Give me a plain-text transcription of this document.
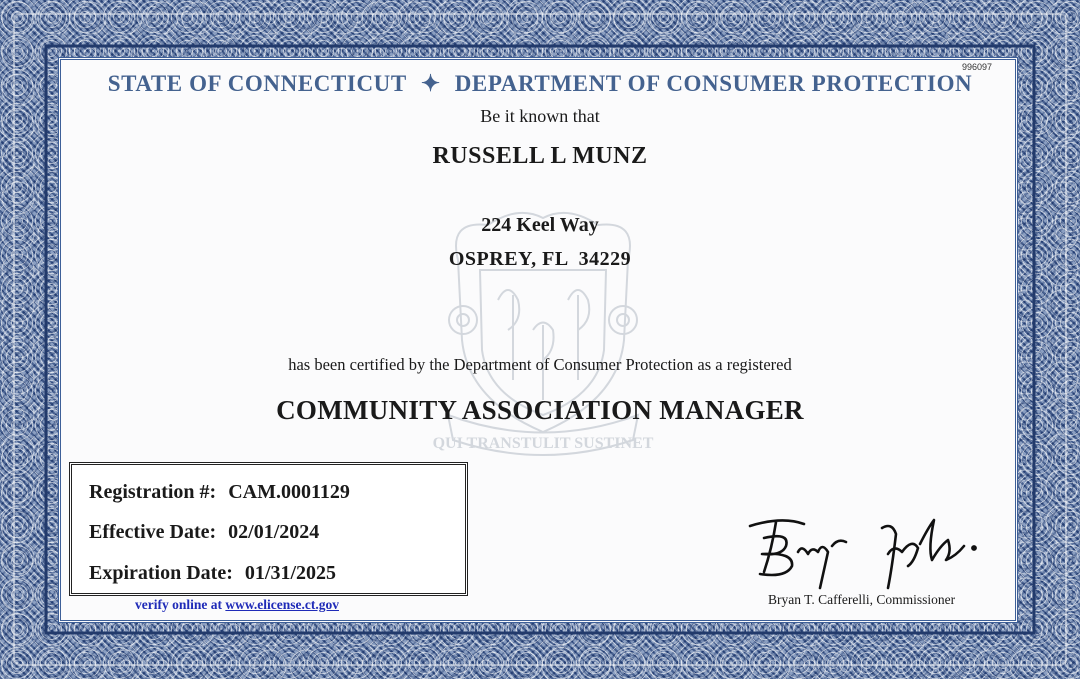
QUI TRANSTULIT SUSTINET
996097
STATE OF CONNECTICUT ✦ DEPARTMENT OF CONSUMER PROTECTION
Be it known that
RUSSELL L MUNZ
224 Keel Way
OSPREY, FL  34229
has been certified by the Department of Consumer Protection as a registered
COMMUNITY ASSOCIATION MANAGER
Registration #: CAM.0001129
Effective Date: 02/01/2024
Expiration Date: 01/31/2025
verify online at www.elicense.ct.gov	Bryan T. Cafferelli, Commissioner
